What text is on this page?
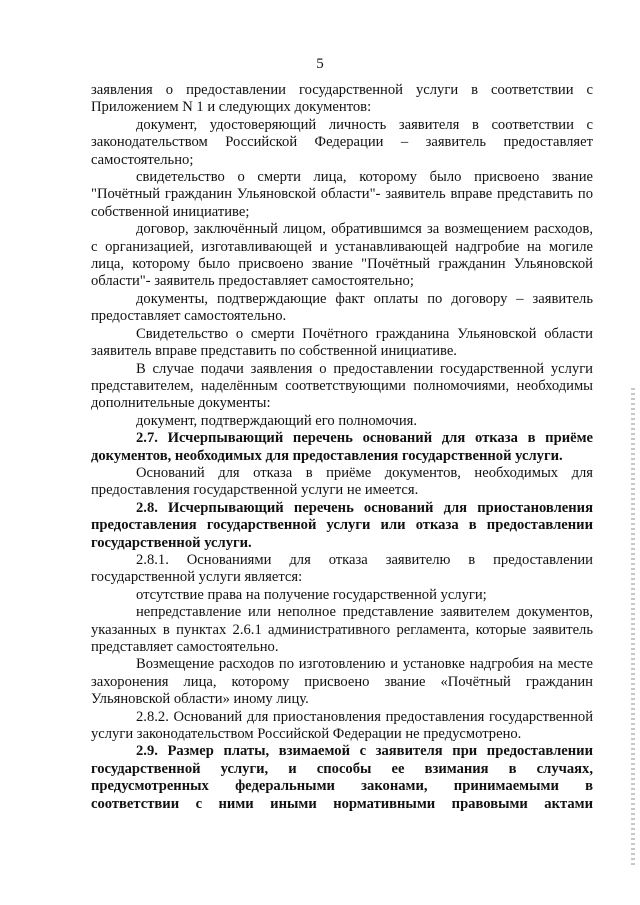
5

заявления о предоставлении государственной услуги в соответствии с Приложением N 1 и следующих документов:

документ, удостоверяющий личность заявителя в соответствии с законодательством Российской Федерации – заявитель предоставляет самостоятельно;

свидетельство о смерти лица, которому было присвоено звание "Почётный гражданин Ульяновской области"- заявитель вправе представить по собственной инициативе;

договор, заключённый лицом, обратившимся за возмещением расходов, с организацией, изготавливающей и устанавливающей надгробие на могиле лица, которому было присвоено звание "Почётный гражданин Ульяновской области"- заявитель предоставляет самостоятельно;

документы, подтверждающие факт оплаты по договору – заявитель предоставляет самостоятельно.

Свидетельство о смерти Почётного гражданина Ульяновской области заявитель вправе представить по собственной инициативе.

В случае подачи заявления о предоставлении государственной услуги представителем, наделённым соответствующими полномочиями, необходимы дополнительные документы:

документ, подтверждающий его полномочия.

2.7. Исчерпывающий перечень оснований для отказа в приёме документов, необходимых для предоставления государственной услуги.

Оснований для отказа в приёме документов, необходимых для предоставления государственной услуги не имеется.

2.8. Исчерпывающий перечень оснований для приостановления предоставления государственной услуги или отказа в предоставлении государственной услуги.

2.8.1. Основаниями для отказа заявителю в предоставлении государственной услуги является:

отсутствие права на получение государственной услуги;

непредставление или неполное представление заявителем документов, указанных в пунктах 2.6.1 административного регламента, которые заявитель представляет самостоятельно.

Возмещение расходов по изготовлению и установке надгробия на месте захоронения лица, которому присвоено звание «Почётный гражданин Ульяновской области» иному лицу.

2.8.2. Оснований для приостановления предоставления государственной услуги законодательством Российской Федерации не предусмотрено.

2.9. Размер платы, взимаемой с заявителя при предоставлении государственной услуги, и способы ее взимания в случаях, предусмотренных федеральными законами, принимаемыми в соответствии с ними иными нормативными правовыми актами
